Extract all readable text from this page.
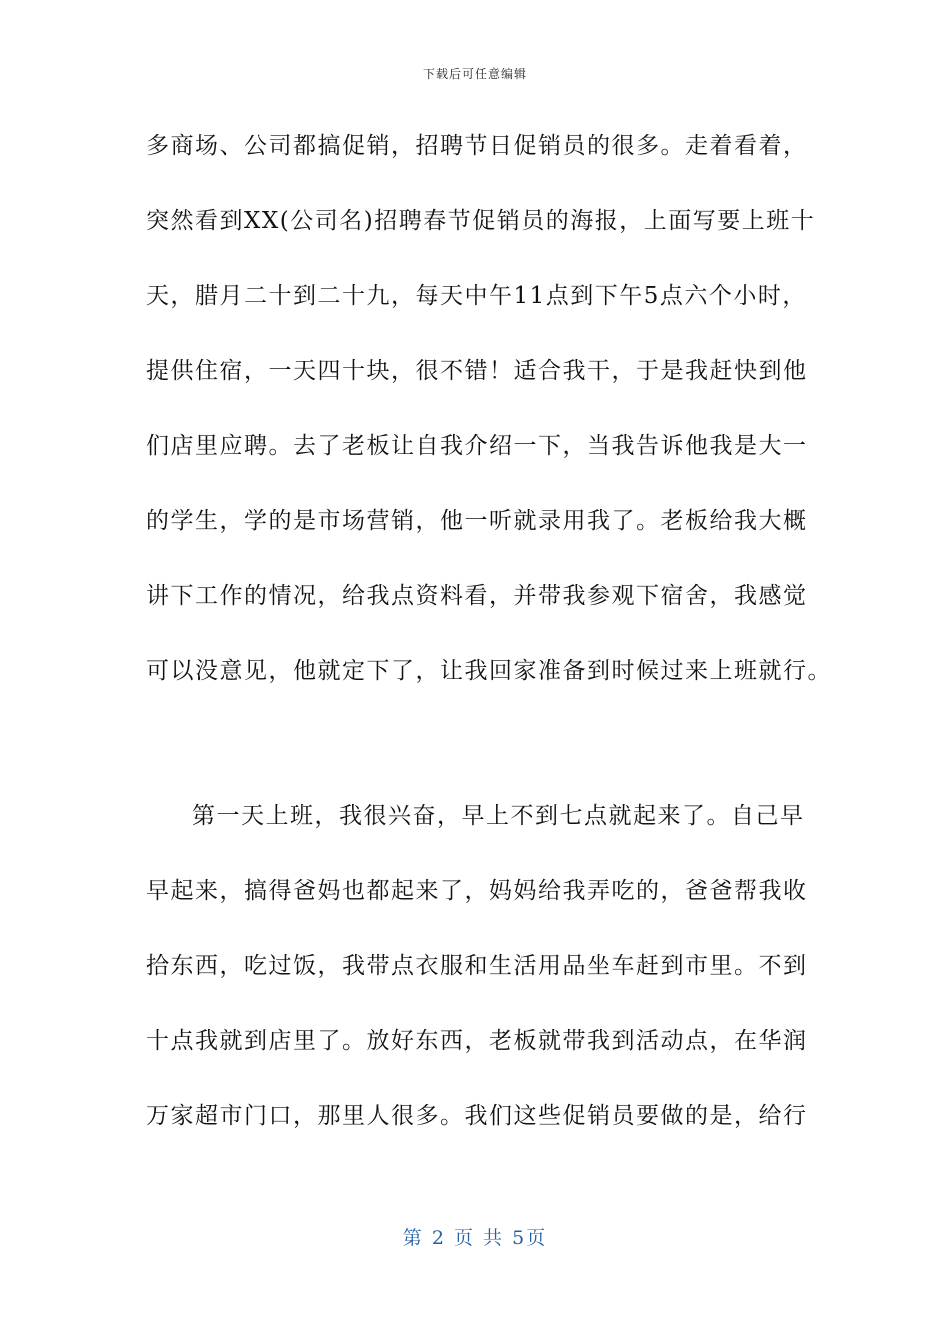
下载后可任意编辑
多商场、公司都搞促销，招聘节日促销员的很多。走着看着，
突然看到XX(公司名)招聘春节促销员的海报，上面写要上班十
天，腊月二十到二十九，每天中午11点到下午5点六个小时，
提供住宿，一天四十块，很不错！适合我干，于是我赶快到他
们店里应聘。去了老板让自我介绍一下，当我告诉他我是大一
的学生，学的是市场营销，他一听就录用我了。老板给我大概
讲下工作的情况，给我点资料看，并带我参观下宿舍，我感觉
可以没意见，他就定下了，让我回家准备到时候过来上班就行。
第一天上班，我很兴奋，早上不到七点就起来了。自己早
早起来，搞得爸妈也都起来了，妈妈给我弄吃的，爸爸帮我收
拾东西，吃过饭，我带点衣服和生活用品坐车赶到市里。不到
十点我就到店里了。放好东西，老板就带我到活动点，在华润
万家超市门口，那里人很多。我们这些促销员要做的是，给行
第 2 页 共 5页
